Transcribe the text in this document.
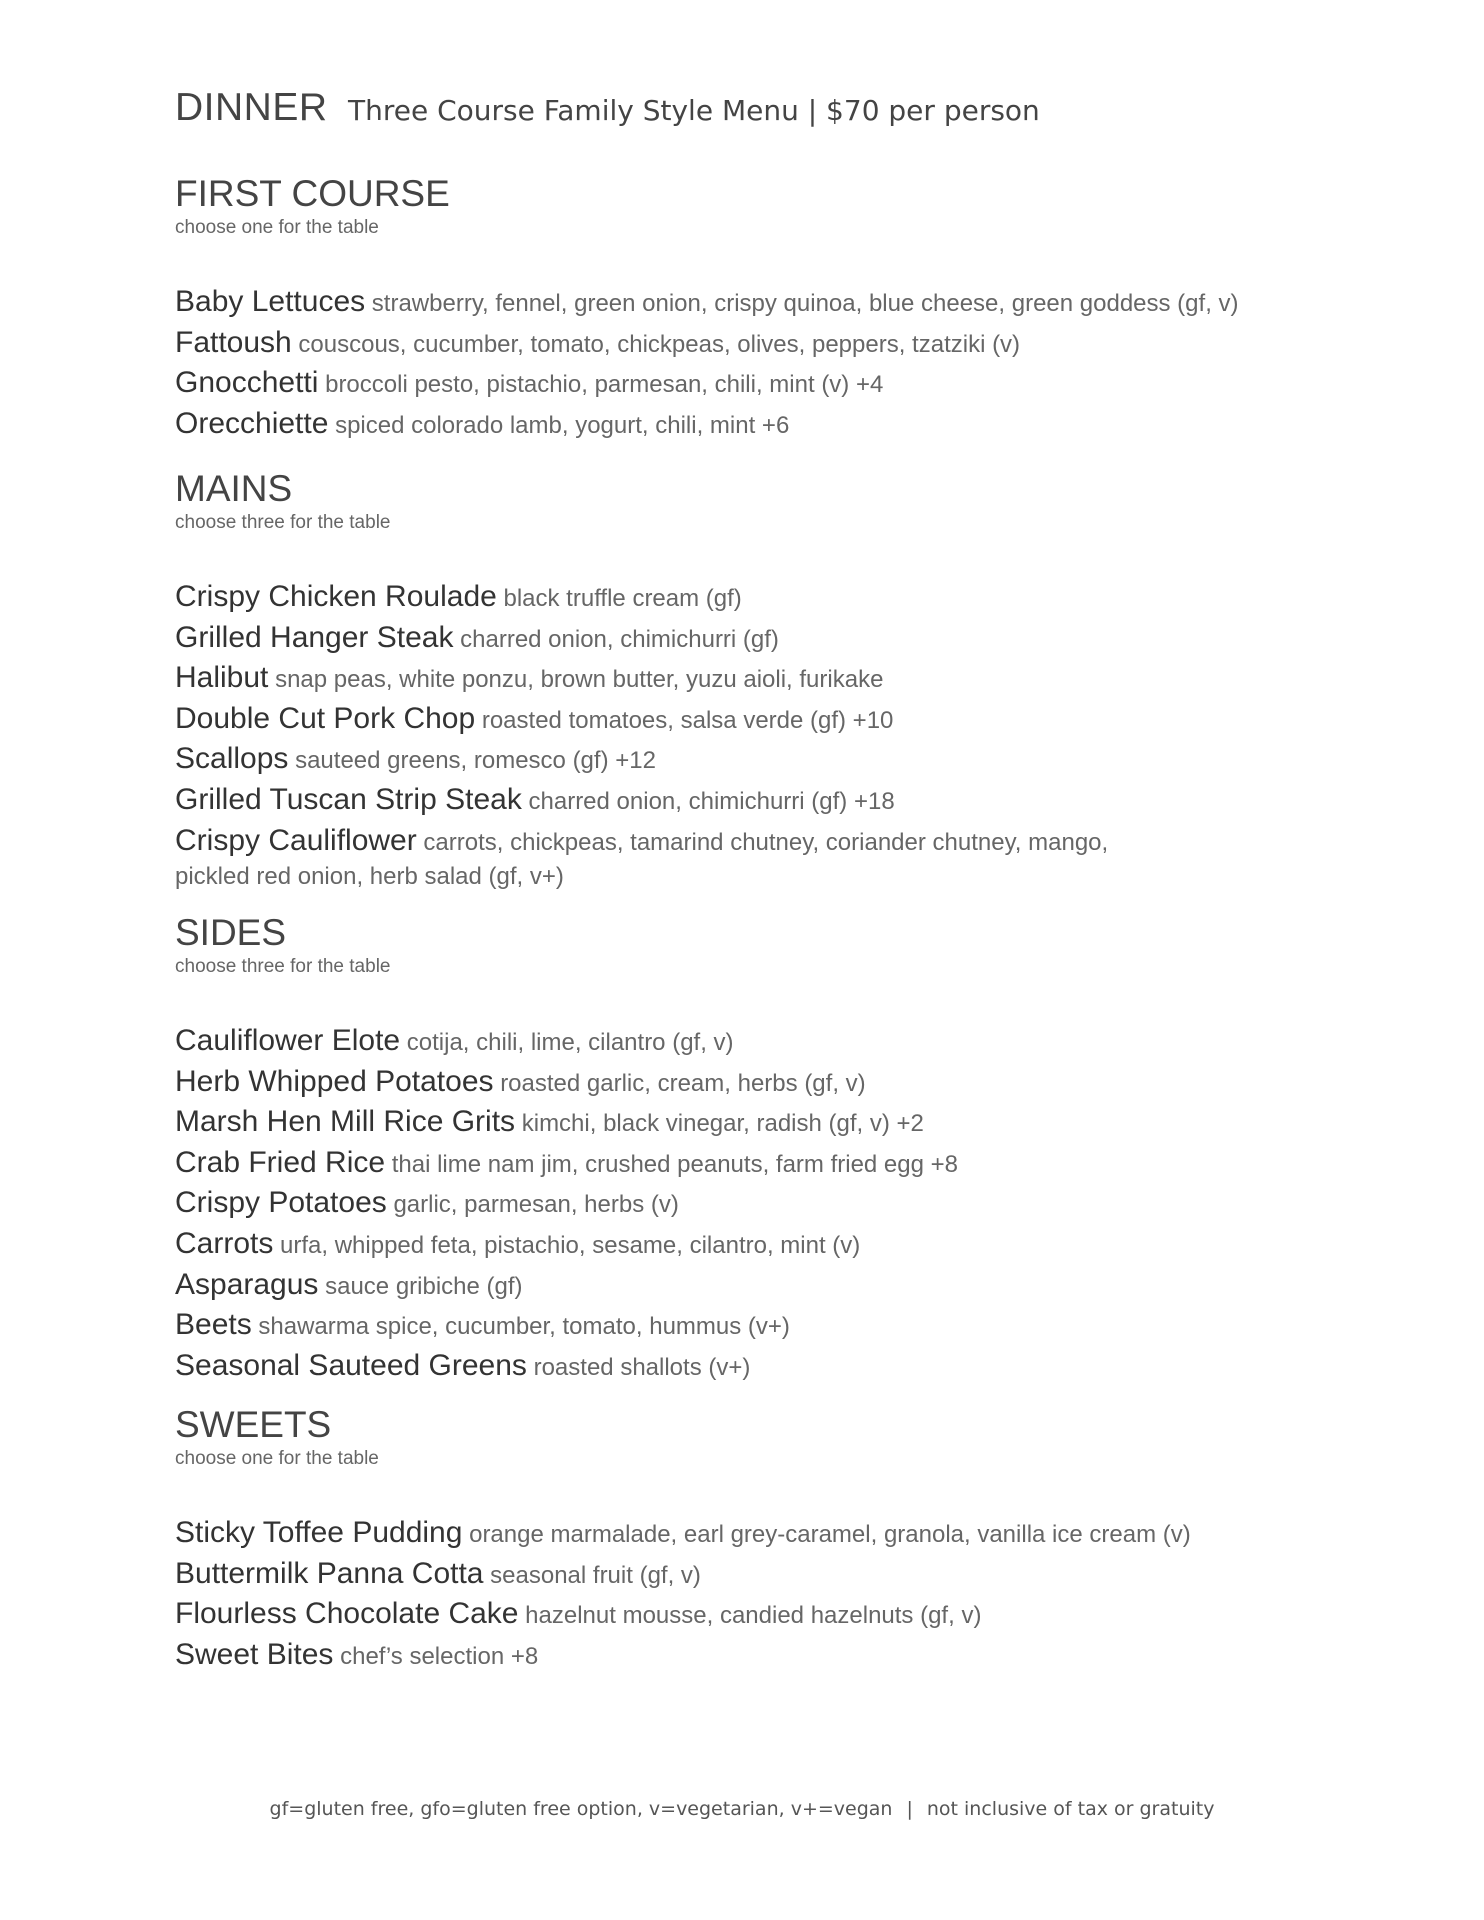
DINNER Three Course Family Style Menu | $70 per person
FIRST COURSE

choose one for the table

Baby Lettuces strawberry, fennel, green onion, crispy quinoa, blue cheese, green goddess (gf, v)
Fattoush couscous, cucumber, tomato, chickpeas, olives, peppers, tzatziki (v)
Gnocchetti broccoli pesto, pistachio, parmesan, chili, mint (v) +4
Orecchiette spiced colorado lamb, yogurt, chili, mint +6
MAINS

choose three for the table

Crispy Chicken Roulade black truffle cream (gf)
Grilled Hanger Steak charred onion, chimichurri (gf)
Halibut snap peas, white ponzu, brown butter, yuzu aioli, furikake
Double Cut Pork Chop roasted tomatoes, salsa verde (gf) +10
Scallops sauteed greens, romesco (gf) +12
Grilled Tuscan Strip Steak charred onion, chimichurri (gf) +18
Crispy Cauliflower carrots, chickpeas, tamarind chutney, coriander chutney, mango, pickled red onion, herb salad (gf, v+)
SIDES

choose three for the table

Cauliflower Elote cotija, chili, lime, cilantro (gf, v)
Herb Whipped Potatoes roasted garlic, cream, herbs (gf, v)
Marsh Hen Mill Rice Grits kimchi, black vinegar, radish (gf, v) +2
Crab Fried Rice thai lime nam jim, crushed peanuts, farm fried egg +8
Crispy Potatoes garlic, parmesan, herbs (v)
Carrots urfa, whipped feta, pistachio, sesame, cilantro, mint (v)
Asparagus sauce gribiche (gf)
Beets shawarma spice, cucumber, tomato, hummus (v+)
Seasonal Sauteed Greens roasted shallots (v+)
SWEETS

choose one for the table

Sticky Toffee Pudding orange marmalade, earl grey-caramel, granola, vanilla ice cream (v)
Buttermilk Panna Cotta seasonal fruit (gf, v)
Flourless Chocolate Cake hazelnut mousse, candied hazelnuts (gf, v)
Sweet Bites chef’s selection +8
gf=gluten free, gfo=gluten free option, v=vegetarian, v+=vegan | not inclusive of tax or gratuity
